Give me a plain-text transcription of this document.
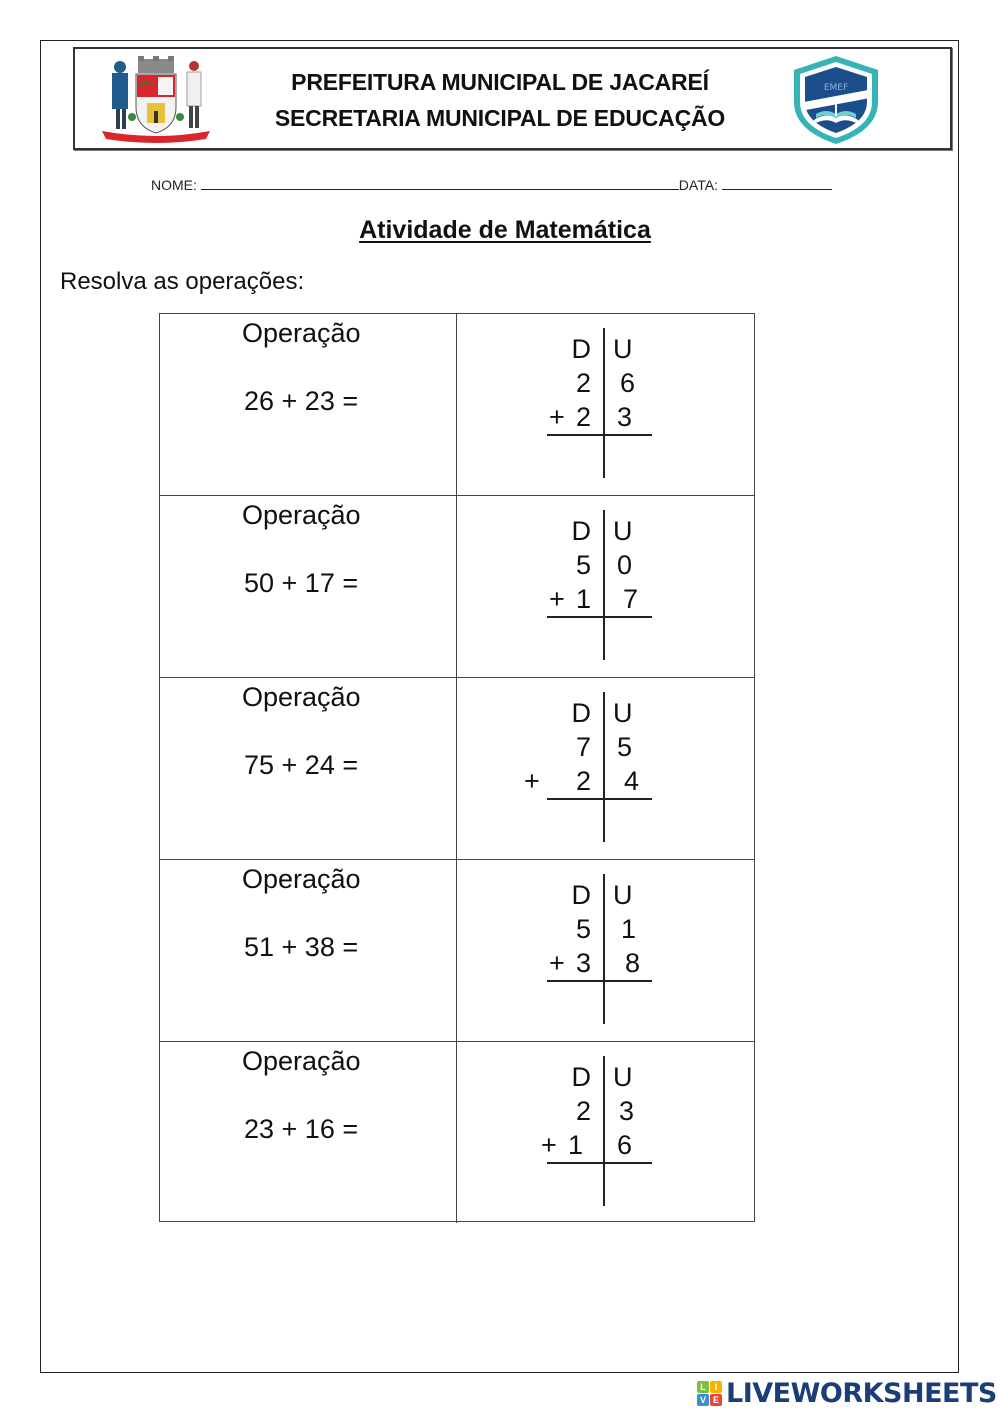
PREFEITURA MUNICIPAL DE JACAREÍ
SECRETARIA MUNICIPAL DE EDUCAÇÃO
EMEF
NOME:	DATA:
Atividade de Matemática
Resolva as operações:
Operação
26 + 23 =
D U
2 6
+ 2 3
Operação
50 + 17 =
D U
5 0
+ 1 7
Operação
75 + 24 =
D U
7 5
+	2 4
Operação
51 + 38 =
D U
5 1
+ 3 8
Operação
23 + 16 =
D U
2 3
+ 1 6
L I
V E LIVEWORKSHEETS
